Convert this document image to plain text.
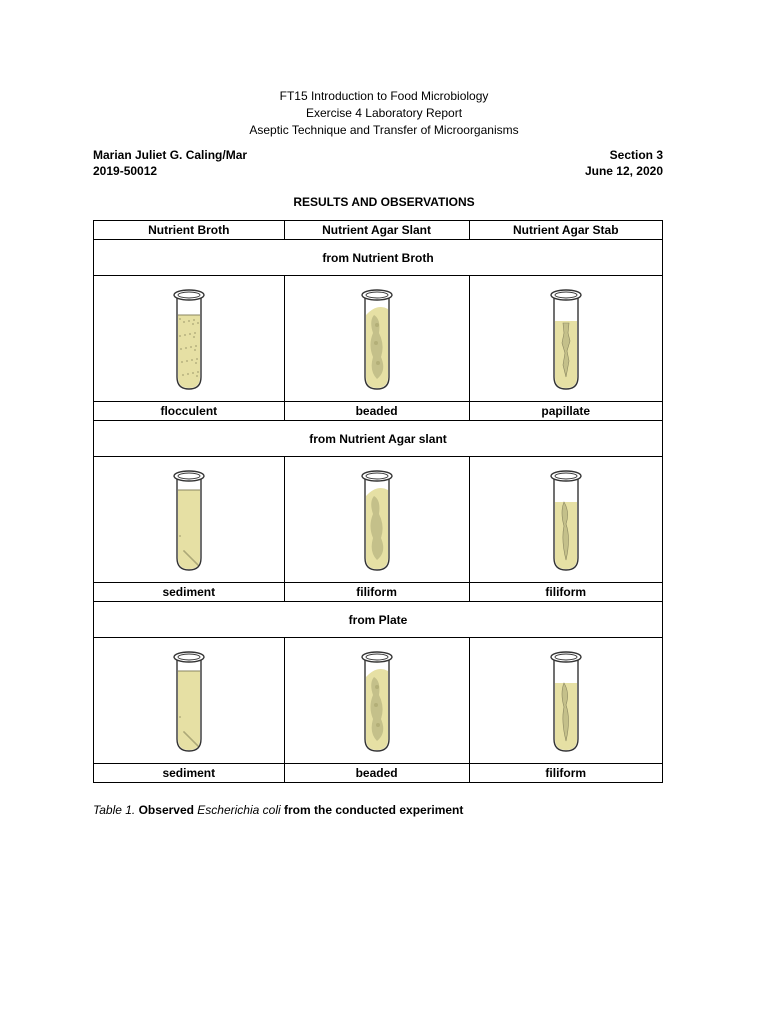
FT15 Introduction to Food Microbiology
Exercise 4 Laboratory Report
Aseptic Technique and Transfer of Microorganisms
Marian Juliet G. Caling/Mar	Section 3
2019-50012	June 12, 2020
RESULTS AND OBSERVATIONS
Nutrient Broth	Nutrient Agar Slant	Nutrient Agar Stab
from Nutrient Broth		

flocculent	beaded	papillate
from Nutrient Agar slant		

sediment	filiform	filiform
from Plate		

sediment	beaded	filiform
Table 1. Observed Escherichia coli from the conducted experiment
